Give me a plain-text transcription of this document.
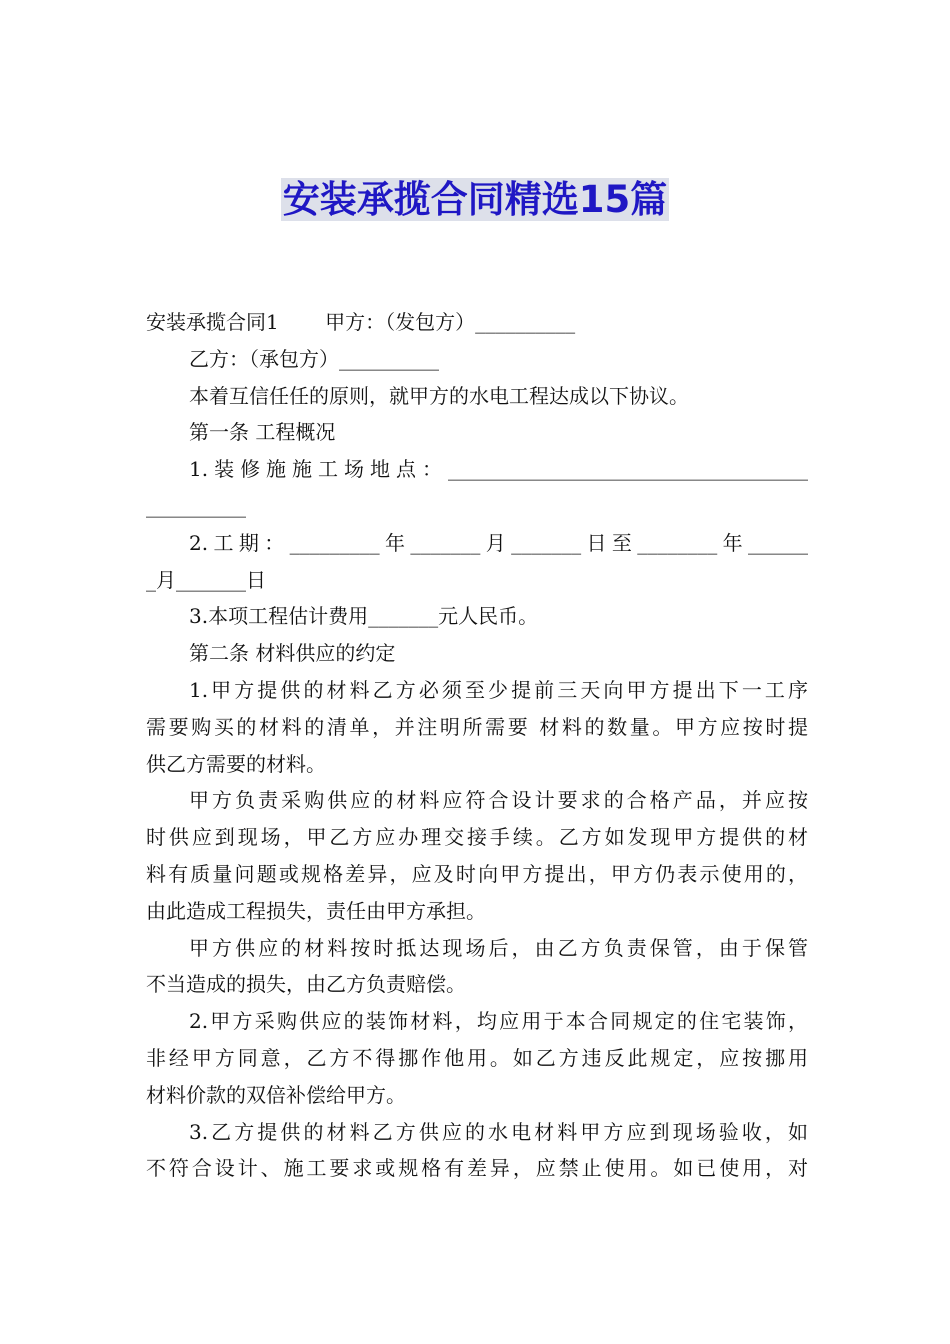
安装承揽合同精选15篇

安装承揽合同1 　　甲方：（发包方）__________

乙方：（承包方）__________

本着互信任任的原则，就甲方的水电工程达成以下协议。

第一条 工程概况

1.装修施施工场地点：____________________________________

__________

2.工期：_________年_______月_______日至________年______

_月_______日

3.本项工程估计费用_______元人民币。

第二条 材料供应的约定

1.甲方提供的材料乙方必须至少提前三天向甲方提出下一工序

需要购买的材料的清单，并注明所需要 材料的数量。甲方应按时提

供乙方需要的材料。

甲方负责采购供应的材料应符合设计要求的合格产品，并应按

时供应到现场，甲乙方应办理交接手续。乙方如发现甲方提供的材

料有质量问题或规格差异，应及时向甲方提出，甲方仍表示使用的，

由此造成工程损失，责任由甲方承担。

甲方供应的材料按时抵达现场后，由乙方负责保管，由于保管

不当造成的损失，由乙方负责赔偿。

2.甲方采购供应的装饰材料，均应用于本合同规定的住宅装饰，

非经甲方同意，乙方不得挪作他用。如乙方违反此规定，应按挪用

材料价款的双倍补偿给甲方。

3.乙方提供的材料乙方供应的水电材料甲方应到现场验收，如

不符合设计、施工要求或规格有差异，应禁止使用。如已使用，对
